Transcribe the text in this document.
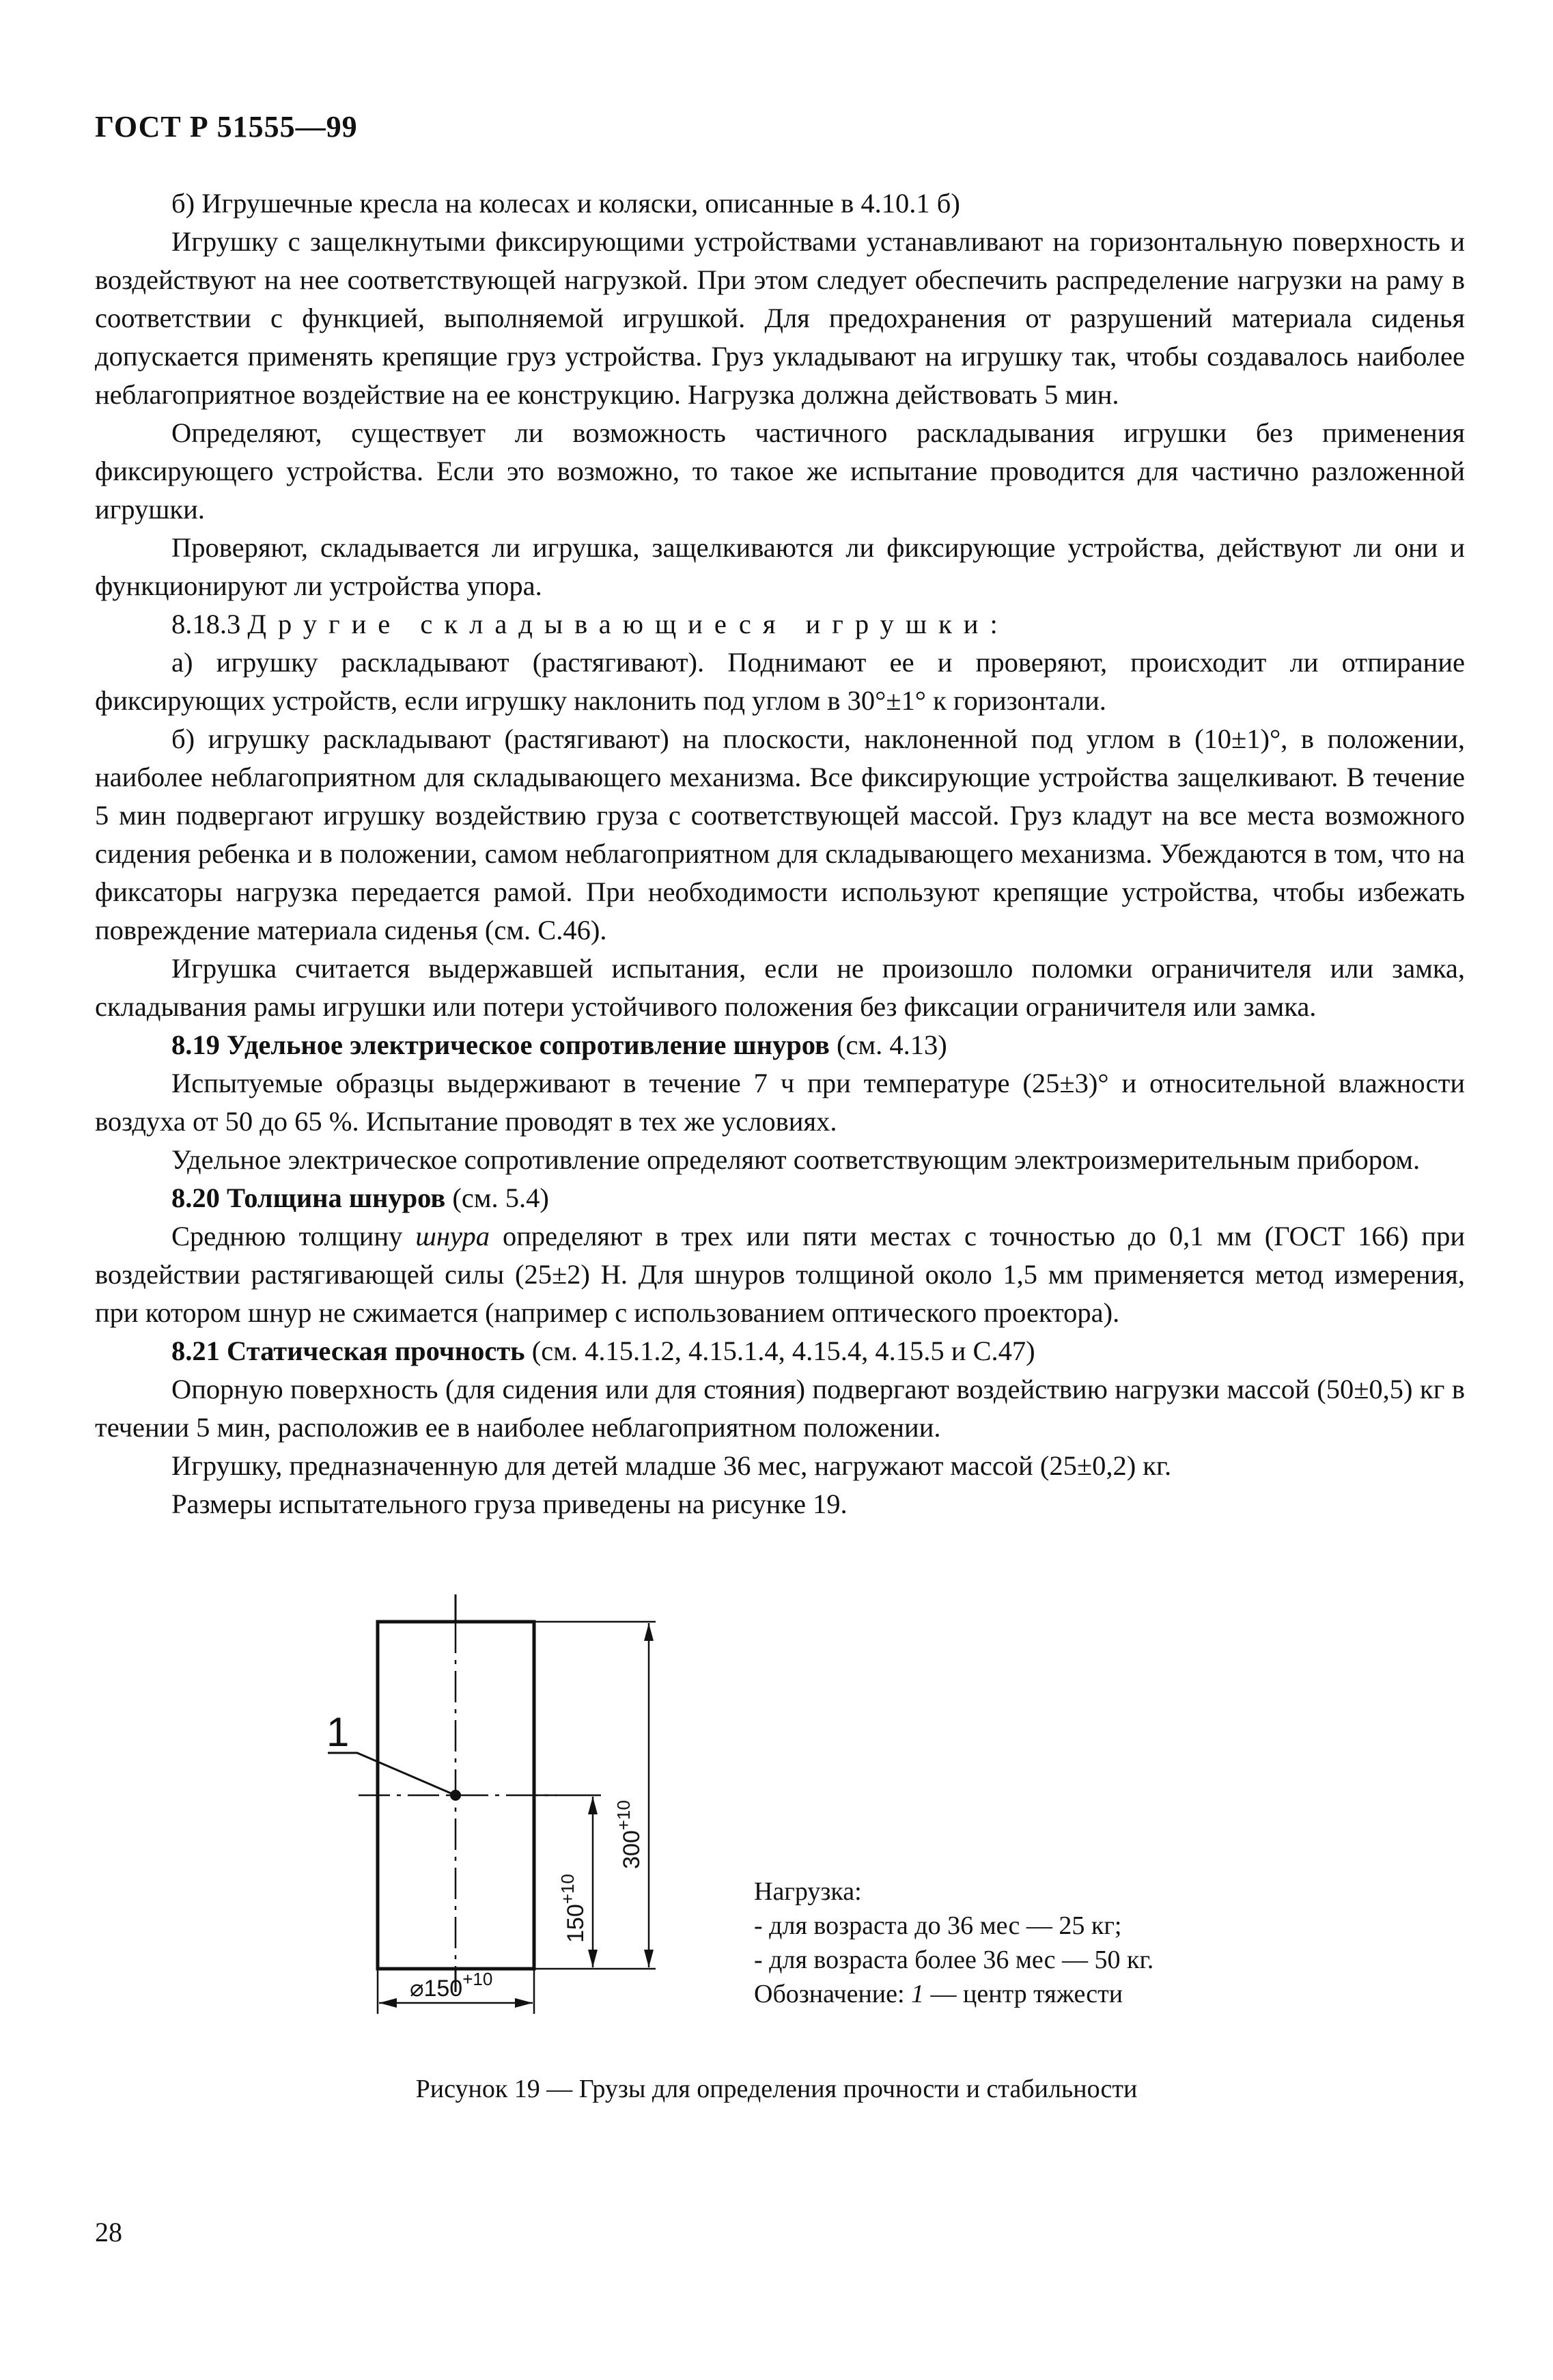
ГОСТ Р 51555—99

б) Игрушечные кресла на колесах и коляски, описанные в 4.10.1 б)

Игрушку с защелкнутыми фиксирующими устройствами устанавливают на горизонтальную поверхность и воздействуют на нее соответствующей нагрузкой. При этом следует обеспечить распределение нагрузки на раму в соответствии с функцией, выполняемой игрушкой. Для предохранения от разрушений материала сиденья допускается применять крепящие груз устройства. Груз укладывают на игрушку так, чтобы создавалось наиболее неблагоприятное воздействие на ее конструкцию. Нагрузка должна действовать 5 мин.

Определяют, существует ли возможность частичного раскладывания игрушки без применения фиксирующего устройства. Если это возможно, то такое же испытание проводится для частично разложенной игрушки.

Проверяют, складывается ли игрушка, защелкиваются ли фиксирующие устройства, действуют ли они и функционируют ли устройства упора.

8.18.3 Другие складывающиеся игрушки:

а) игрушку раскладывают (растягивают). Поднимают ее и проверяют, происходит ли отпирание фиксирующих устройств, если игрушку наклонить под углом в 30°±1° к горизонтали.

б) игрушку раскладывают (растягивают) на плоскости, наклоненной под углом в (10±1)°, в положении, наиболее неблагоприятном для складывающего механизма. Все фиксирующие устройства защелкивают. В течение 5 мин подвергают игрушку воздействию груза с соответствующей массой. Груз кладут на все места возможного сидения ребенка и в положении, самом неблагоприятном для складывающего механизма. Убеждаются в том, что на фиксаторы нагрузка передается рамой. При необходимости используют крепящие устройства, чтобы избежать повреждение материала сиденья (см. С.46).

Игрушка считается выдержавшей испытания, если не произошло поломки ограничителя или замка, складывания рамы игрушки или потери устойчивого положения без фиксации ограничителя или замка.

8.19 Удельное электрическое сопротивление шнуров (см. 4.13)

Испытуемые образцы выдерживают в течение 7 ч при температуре (25±3)° и относительной влажности воздуха от 50 до 65 %. Испытание проводят в тех же условиях.

Удельное электрическое сопротивление определяют соответствующим электроизмерительным прибором.

8.20 Толщина шнуров (см. 5.4)

Среднюю толщину шнура определяют в трех или пяти местах с точностью до 0,1 мм (ГОСТ 166) при воздействии растягивающей силы (25±2) Н. Для шнуров толщиной около 1,5 мм применяется метод измерения, при котором шнур не сжимается (например с использованием оптического проектора).

8.21 Статическая прочность (см. 4.15.1.2, 4.15.1.4, 4.15.4, 4.15.5 и С.47)

Опорную поверхность (для сидения или для стояния) подвергают воздействию нагрузки массой (50±0,5) кг в течении 5 мин, расположив ее в наиболее неблагоприятном положении.

Игрушку, предназначенную для детей младше 36 мес, нагружают массой (25±0,2) кг.

Размеры испытательного груза приведены на рисунке 19.

1
$300^{+10}$
$150^{+10}$
$⌀150^{+10}$
Нагрузка:
- для возраста до 36 мес — 25 кг;
- для возраста более 36 мес — 50 кг.
Обозначение: 1 — центр тяжести
Рисунок 19 — Грузы для определения прочности и стабильности
28
